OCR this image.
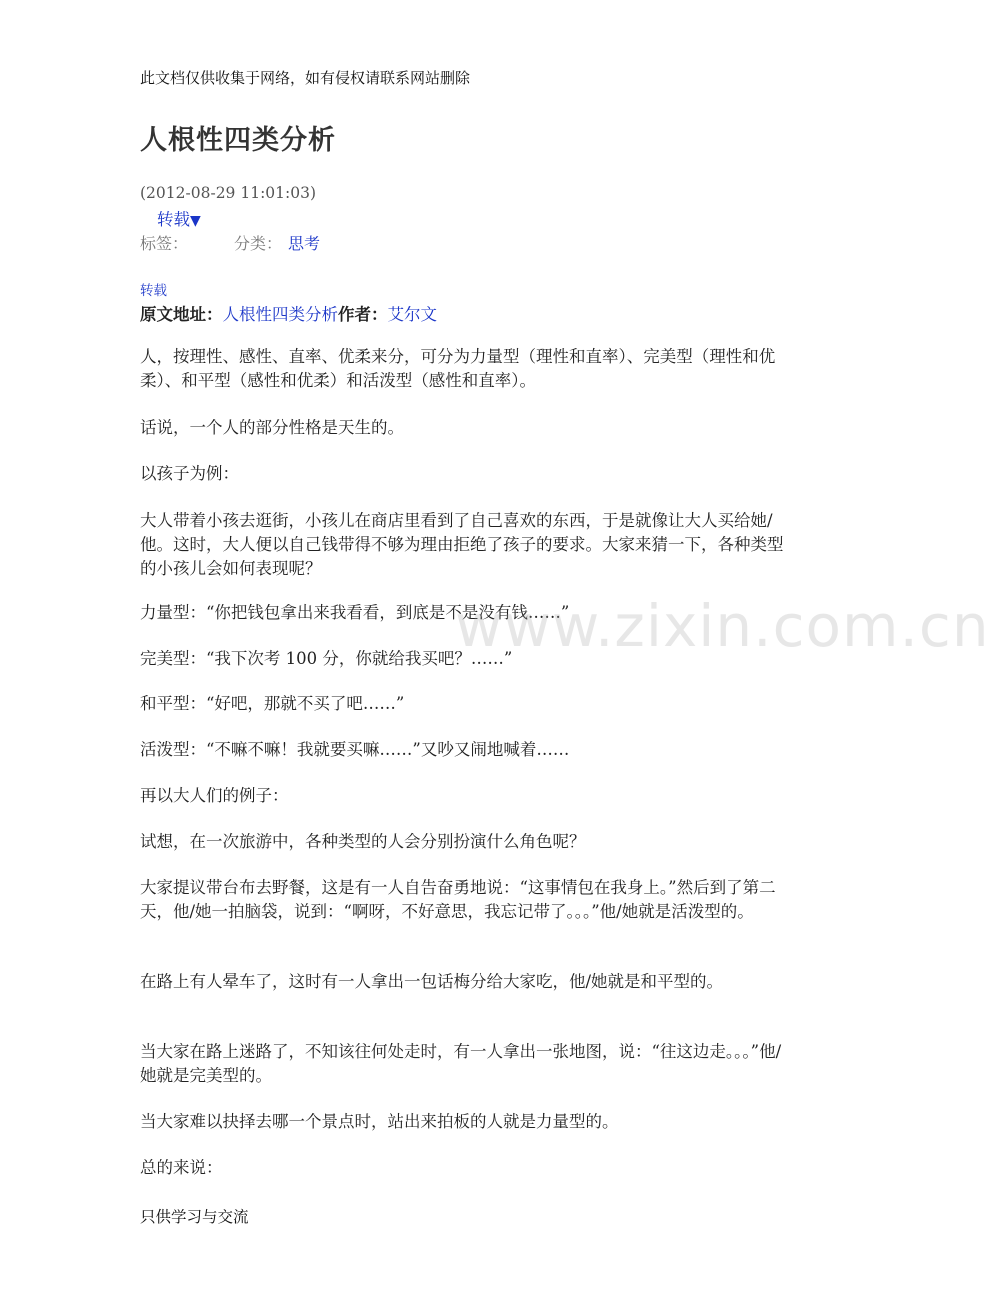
此文档仅供收集于网络，如有侵权请联系网站删除
人根性四类分析
(2012-08-29 11:01:03)
转载▼
标签：	分类： 思考
转载
原文地址：人根性四类分析作者：艾尔文

人，按理性、感性、直率、优柔来分，可分为力量型（理性和直率）、完美型（理性和优柔）、和平型（感性和优柔）和活泼型（感性和直率）。

话说，一个人的部分性格是天生的。

以孩子为例：

大人带着小孩去逛街，小孩儿在商店里看到了自己喜欢的东西，于是就像让大人买给她/他。这时，大人便以自己钱带得不够为理由拒绝了孩子的要求。大家来猜一下，各种类型的小孩儿会如何表现呢？

力量型：“你把钱包拿出来我看看，到底是不是没有钱……”

完美型：“我下次考 100 分，你就给我买吧？……”

和平型：“好吧，那就不买了吧……”

活泼型：“不嘛不嘛！我就要买嘛……”又吵又闹地喊着……

再以大人们的例子：

试想，在一次旅游中，各种类型的人会分别扮演什么角色呢？

大家提议带台布去野餐，这是有一人自告奋勇地说：“这事情包在我身上。”然后到了第二天，他/她一拍脑袋，说到：“啊呀，不好意思，我忘记带了。。。”他/她就是活泼型的。

在路上有人晕车了，这时有一人拿出一包话梅分给大家吃，他/她就是和平型的。

当大家在路上迷路了，不知该往何处走时，有一人拿出一张地图，说：“往这边走。。。”他/她就是完美型的。

当大家难以抉择去哪一个景点时，站出来拍板的人就是力量型的。

总的来说：

www.zixin.com.cn
只供学习与交流
